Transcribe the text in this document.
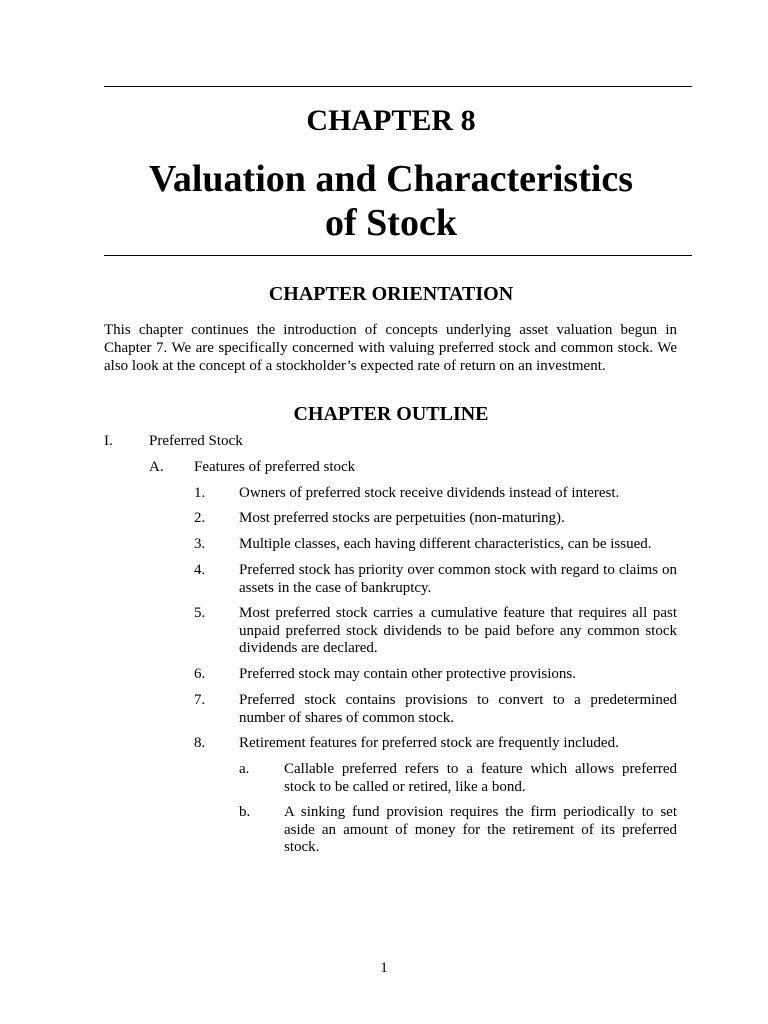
CHAPTER 8
Valuation and Characteristics
of Stock
CHAPTER ORIENTATION
This chapter continues the introduction of concepts underlying asset valuation begun in Chapter 7. We are specifically concerned with valuing preferred stock and common stock. We also look at the concept of a stockholder’s expected rate of return on an investment.
CHAPTER OUTLINE
I. Preferred Stock
A. Features of preferred stock
1. Owners of preferred stock receive dividends instead of interest.
2. Most preferred stocks are perpetuities (non-maturing).
3. Multiple classes, each having different characteristics, can be issued.
4. Preferred stock has priority over common stock with regard to claims on assets in the case of bankruptcy.
5. Most preferred stock carries a cumulative feature that requires all past unpaid preferred stock dividends to be paid before any common stock dividends are declared.
6. Preferred stock may contain other protective provisions.
7. Preferred stock contains provisions to convert to a predetermined number of shares of common stock.
8. Retirement features for preferred stock are frequently included.
a. Callable preferred refers to a feature which allows preferred stock to be called or retired, like a bond.
b. A sinking fund provision requires the firm periodically to set aside an amount of money for the retirement of its preferred stock.
1
